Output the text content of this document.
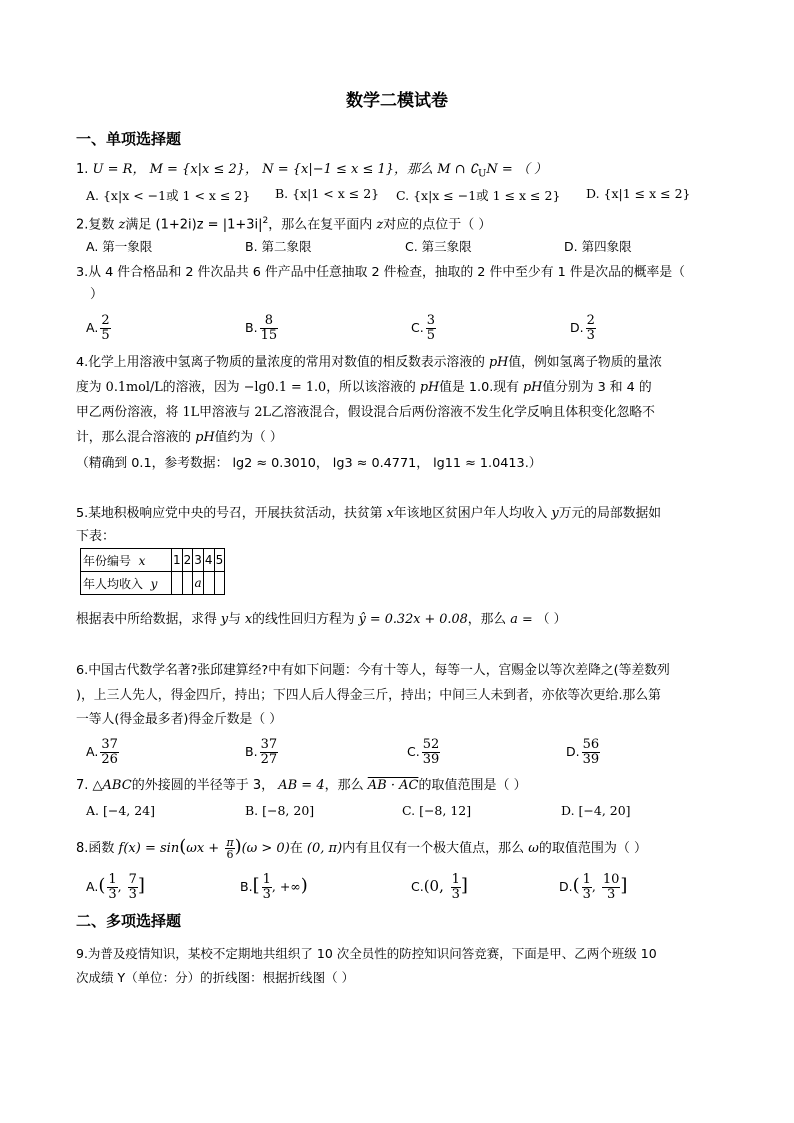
数学二模试卷
一、单项选择题
1. U = R， M = {x|x ≤ 2}， N = {x|−1 ≤ x ≤ 1}，那么 M ∩ $∁_UN$ = （ ）
A. {x|x < −1或 1 < x ≤ 2} B. {x|1 < x ≤ 2} C. {x|x ≤ −1或 1 ≤ x ≤ 2} D. {x|1 ≤ x ≤ 2}
2.复数 z满足 $(1+2i)z = |1+3i|^2$，那么在复平面内 z对应的点位于（ ）
A. 第一象限	B. 第二象限	C. 第三象限	D. 第四象限
3.从 4 件合格品和 2 件次品共 6 件产品中任意抽取 2 件检查，抽取的 2 件中至少有 1 件是次品的概率是（
）
A. $\frac{2}{5}$	B. $\frac{8}{15}$	C. $\frac{3}{5}$	D. $\frac{2}{3}$
4.化学上用溶液中氢离子物质的量浓度的常用对数值的相反数表示溶液的 pH值，例如氢离子物质的量浓
度为 0.1mol/L的溶液，因为 −lg0.1 = 1.0，所以该溶液的 pH值是 1.0.现有 pH值分别为 3 和 4 的
甲乙两份溶液，将 1L甲溶液与 2L乙溶液混合，假设混合后两份溶液不发生化学反响且体积变化忽略不
计，那么混合溶液的 pH值约为（ ）
（精确到 0.1，参考数据： lg2 ≈ 0.3010， lg3 ≈ 0.4771， lg11 ≈ 1.0413.）
5.某地积极响应党中央的号召，开展扶贫活动，扶贫第 x年该地区贫困户年人均收入 y万元的局部数据如
下表：
年份编号 x	1	2	3	4	5
年人均收入 y			a		
根据表中所给数据，求得 y与 x的线性回归方程为 ŷ = 0.32x + 0.08，那么 a = （ ）
6.中国古代数学名著?张邱建算经?中有如下问题：今有十等人，每等一人，宫赐金以等次差降之(等差数列
)，上三人先人，得金四斤，持出；下四人后人得金三斤，持出；中间三人未到者，亦依等次更给.那么第
一等人(得金最多者)得金斤数是（ ）
A. $\frac{37}{26}$	B. $\frac{37}{27}$	C. $\frac{52}{39}$	D. $\frac{56}{39}$
7. △ABC的外接圆的半径等于 3， AB = 4，那么 AB · AC的取值范围是（ ）
A. [−4, 24]	B. [−8, 20]	C. [−8, 12]	D. [−4, 20]
8.函数 $f(x) = \sin(\omega x + \frac{\pi}{6} )(\omega > 0)$在 (0, π)内有且仅有一个极大值点，那么 ω的取值范围为（ ）
$A.( \frac{1}{3}$ , $\frac{7}{3}$ ]	$B.[ \frac{1}{3}$ , +∞)	C.(0, $\frac{1}{3}$ ]	$D.( \frac{1}{3}$ , $\frac{10}{3}$ ]
二、多项选择题
9.为普及疫情知识，某校不定期地共组织了 10 次全员性的防控知识问答竞赛，下面是甲、乙两个班级 10
次成绩 Y（单位：分）的折线图：根据折线图（ ）
